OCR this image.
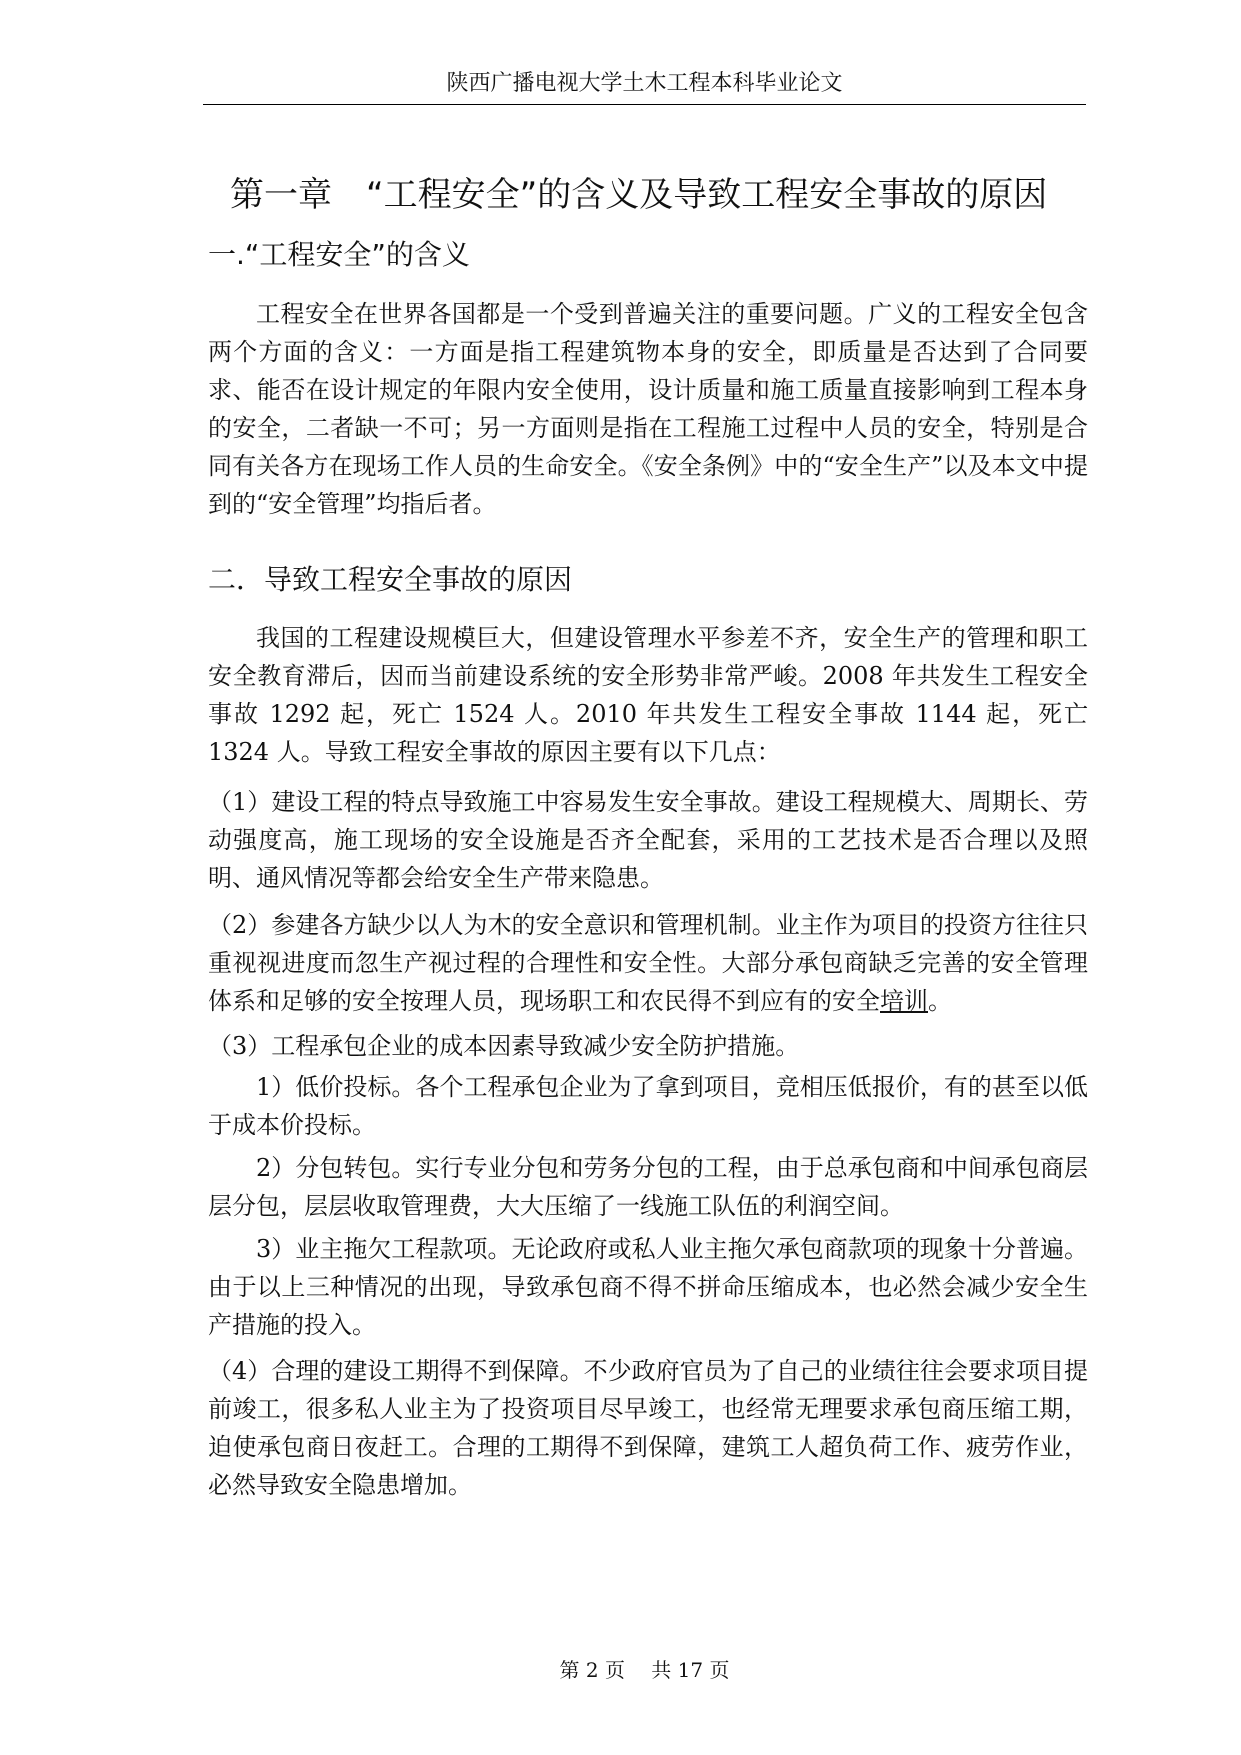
陕西广播电视大学土木工程本科毕业论文
第一章　“工程安全”的含义及导致工程安全事故的原因
一.“工程安全”的含义
工程安全在世界各国都是一个受到普遍关注的重要问题。广义的工程安全包含两个方面的含义：一方面是指工程建筑物本身的安全，即质量是否达到了合同要求、能否在设计规定的年限内安全使用，设计质量和施工质量直接影响到工程本身的安全，二者缺一不可；另一方面则是指在工程施工过程中人员的安全，特别是合同有关各方在现场工作人员的生命安全。《安全条例》中的“安全生产”以及本文中提到的“安全管理”均指后者。
二．导致工程安全事故的原因
我国的工程建设规模巨大，但建设管理水平参差不齐，安全生产的管理和职工安全教育滞后，因而当前建设系统的安全形势非常严峻。2008 年共发生工程安全事故 1292 起，死亡 1524 人。2010 年共发生工程安全事故 1144 起，死亡 1324 人。导致工程安全事故的原因主要有以下几点：
（1）建设工程的特点导致施工中容易发生安全事故。建设工程规模大、周期长、劳动强度高，施工现场的安全设施是否齐全配套，采用的工艺技术是否合理以及照明、通风情况等都会给安全生产带来隐患。
（2）参建各方缺少以人为木的安全意识和管理机制。业主作为项目的投资方往往只重视视进度而忽生产视过程的合理性和安全性。大部分承包商缺乏完善的安全管理体系和足够的安全按理人员，现场职工和农民得不到应有的安全培训。
（3）工程承包企业的成本因素导致减少安全防护措施。
1）低价投标。各个工程承包企业为了拿到项目，竞相压低报价，有的甚至以低于成本价投标。
2）分包转包。实行专业分包和劳务分包的工程，由于总承包商和中间承包商层层分包，层层收取管理费，大大压缩了一线施工队伍的利润空间。
3）业主拖欠工程款项。无论政府或私人业主拖欠承包商款项的现象十分普遍。由于以上三种情况的出现，导致承包商不得不拼命压缩成本，也必然会减少安全生产措施的投入。
（4）合理的建设工期得不到保障。不少政府官员为了自己的业绩往往会要求项目提前竣工，很多私人业主为了投资项目尽早竣工，也经常无理要求承包商压缩工期，迫使承包商日夜赶工。合理的工期得不到保障，建筑工人超负荷工作、疲劳作业，必然导致安全隐患增加。
第 2 页　 共 17 页
